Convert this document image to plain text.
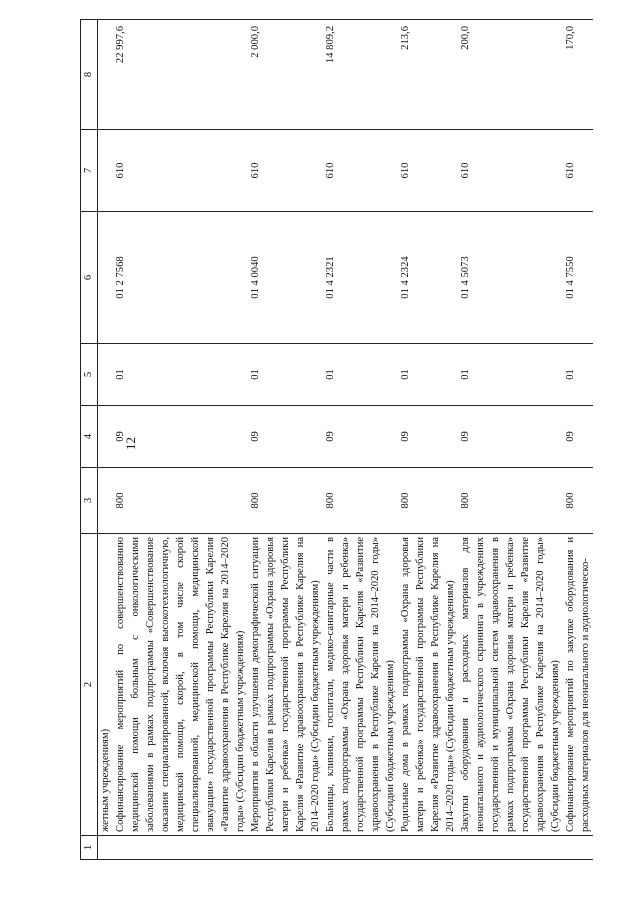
12
1	2	3	4	5	6	7	8
	жетным учреждениям)						
	Софинансирование мероприятий по совершенствованию медицинской помощи больным с онкологическими заболеваниями в рамках подпрограммы «Совершенствование оказания специализированной, включая высокотехнологичную, медицинской помощи, скорой, в том числе скорой специализированной, медицинской помощи, медицинской эвакуации» государственной программы Республики Карелия «Развитие здравоохранения в Республике Карелия на 2014–2020 годы» (Субсидии бюджетным учреждениям)	800	09	01	01 2 7568	610	22 997,6
	Мероприятия в области улучшения демографической ситуации Республики Карелия в рамках подпрограммы «Охрана здоровья матери и ребенка» государственной программы Республики Карелия «Развитие здравоохранения в Республике Карелия на 2014–2020 годы» (Субсидии бюджетным учреждениям)	800	09	01	01 4 0040	610	2 000,0
	Больницы, клиники, госпитали, медико-санитарные части в рамках подпрограммы «Охрана здоровья матери и ребенка» государственной программы Республики Карелия «Развитие здравоохранения в Республике Карелия на 2014–2020 годы» (Субсидии бюджетным учреждениям)	800	09	01	01 4 2321	610	14 809,2
	Родильные дома в рамках подпрограммы «Охрана здоровья матери и ребенка» государственной программы Республики Карелия «Развитие здравоохранения в Республике Карелия на 2014–2020 годы» (Субсидии бюджетным учреждениям)	800	09	01	01 4 2324	610	213,6
	Закупки оборудования и расходных материалов для неонатального и аудиологического скрининга в учреждениях государственной и муниципальной систем здравоохранения в рамках подпрограммы «Охрана здоровья матери и ребенка» государственной программы Республики Карелия «Развитие здравоохранения в Республике Карелия на 2014–2020 годы» (Субсидии бюджетным учреждениям)	800	09	01	01 4 5073	610	200,0
	Софинансирование мероприятий по закупке оборудования и расходных материалов для неонатального и аудиологическо-	800	09	01	01 4 7550	610	170,0
